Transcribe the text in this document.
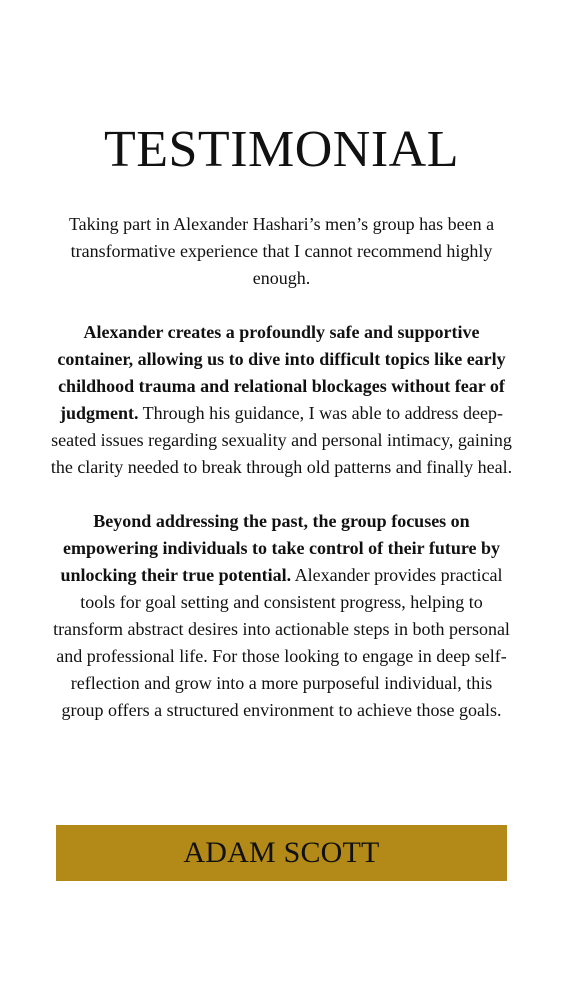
TESTIMONIAL

Taking part in Alexander Hashari’s men’s group has been a transformative experience that I cannot recommend highly enough.

Alexander creates a profoundly safe and supportive container, allowing us to dive into difficult topics like early childhood trauma and relational blockages without fear of judgment. Through his guidance, I was able to address deep-seated issues regarding sexuality and personal intimacy, gaining the clarity needed to break through old patterns and finally heal.

Beyond addressing the past, the group focuses on empowering individuals to take control of their future by unlocking their true potential. Alexander provides practical tools for goal setting and consistent progress, helping to transform abstract desires into actionable steps in both personal and professional life. For those looking to engage in deep self-reflection and grow into a more purposeful individual, this group offers a structured environment to achieve those goals.

ADAM SCOTT
